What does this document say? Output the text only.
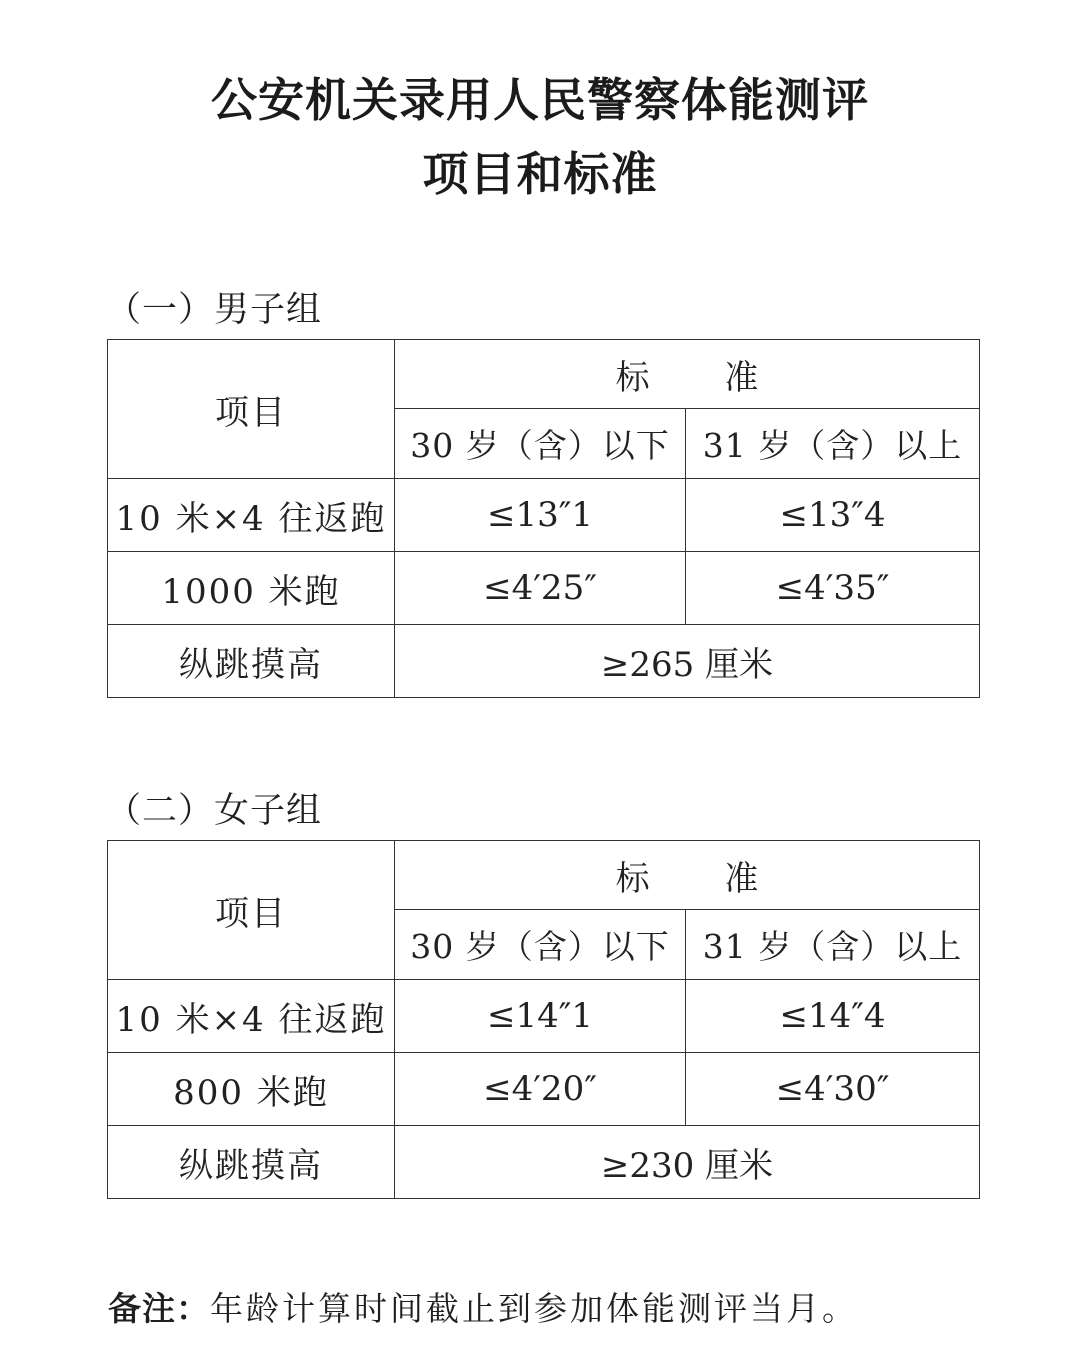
公安机关录用人民警察体能测评
项目和标准
（一）男子组
项目	标 准	
	30 岁（含）以下	31 岁（含）以上
10 米×4 往返跑	≤13″1	≤13″4
1000 米跑	≤4′25″	≤4′35″
纵跳摸高	≥265 厘米	
（二）女子组
项目	标 准	
	30 岁（含）以下	31 岁（含）以上
10 米×4 往返跑	≤14″1	≤14″4
800 米跑	≤4′20″	≤4′30″
纵跳摸高	≥230 厘米	
备注：年龄计算时间截止到参加体能测评当月。
